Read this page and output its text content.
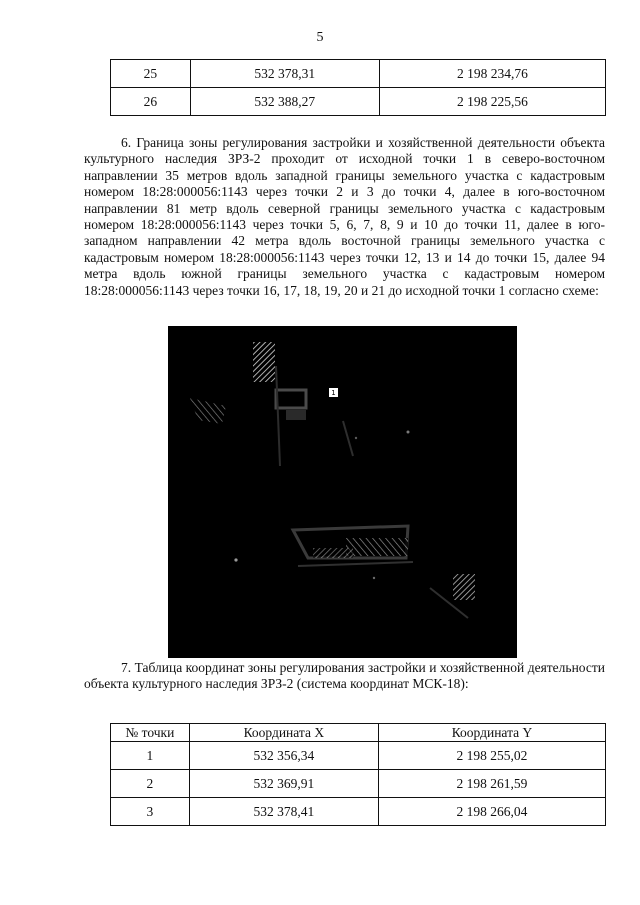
5
25	532 378,31	2 198 234,76
26	532 388,27	2 198 225,56

6. Граница зоны регулирования застройки и хозяйственной деятельности объекта культурного наследия ЗРЗ-2 проходит от исходной точки 1 в северо-восточном направлении 35 метров вдоль западной границы земельного участка с кадастровым номером 18:28:000056:1143 через точки 2 и 3 до точки 4, далее в юго-восточном направлении 81 метр вдоль северной границы земельного участка с кадастровым номером 18:28:000056:1143 через точки 5, 6, 7, 8, 9 и 10 до точки 11, далее в юго-западном направлении 42 метра вдоль восточной границы земельного участка с кадастровым номером 18:28:000056:1143 через точки 12, 13 и 14 до точки 15, далее 94 метра вдоль южной границы земельного участка с кадастровым номером 18:28:000056:1143 через точки 16, 17, 18, 19, 20 и 21 до исходной точки 1 согласно схеме:

1

7. Таблица координат зоны регулирования застройки и хозяйственной деятельности объекта культурного наследия ЗРЗ-2 (система координат МСК-18):

№ точки	Координата X	Координата Y
1	532 356,34	2 198 255,02
2	532 369,91	2 198 261,59
3	532 378,41	2 198 266,04
